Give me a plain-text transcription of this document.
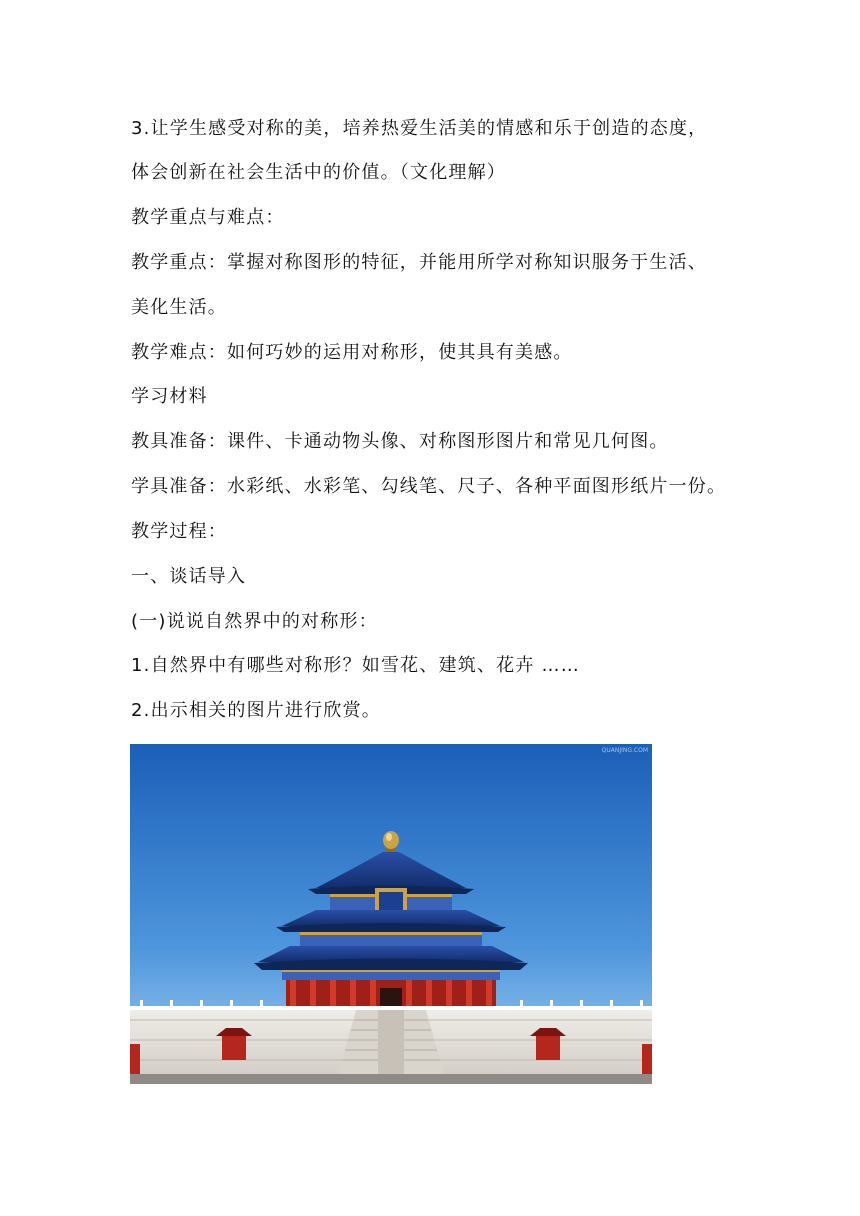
3.让学生感受对称的美，培养热爱生活美的情感和乐于创造的态度，
体会创新在社会生活中的价值。（文化理解）
教学重点与难点：
教学重点：掌握对称图形的特征，并能用所学对称知识服务于生活、
美化生活。
教学难点：如何巧妙的运用对称形，使其具有美感。
学习材料
教具准备：课件、卡通动物头像、对称图形图片和常见几何图。
学具准备：水彩纸、水彩笔、勾线笔、尺子、各种平面图形纸片一份。
教学过程：
一、谈话导入
(一)说说自然界中的对称形：
1.自然界中有哪些对称形？如雪花、建筑、花卉 ……
2.出示相关的图片进行欣赏。
QUANJING.COM
